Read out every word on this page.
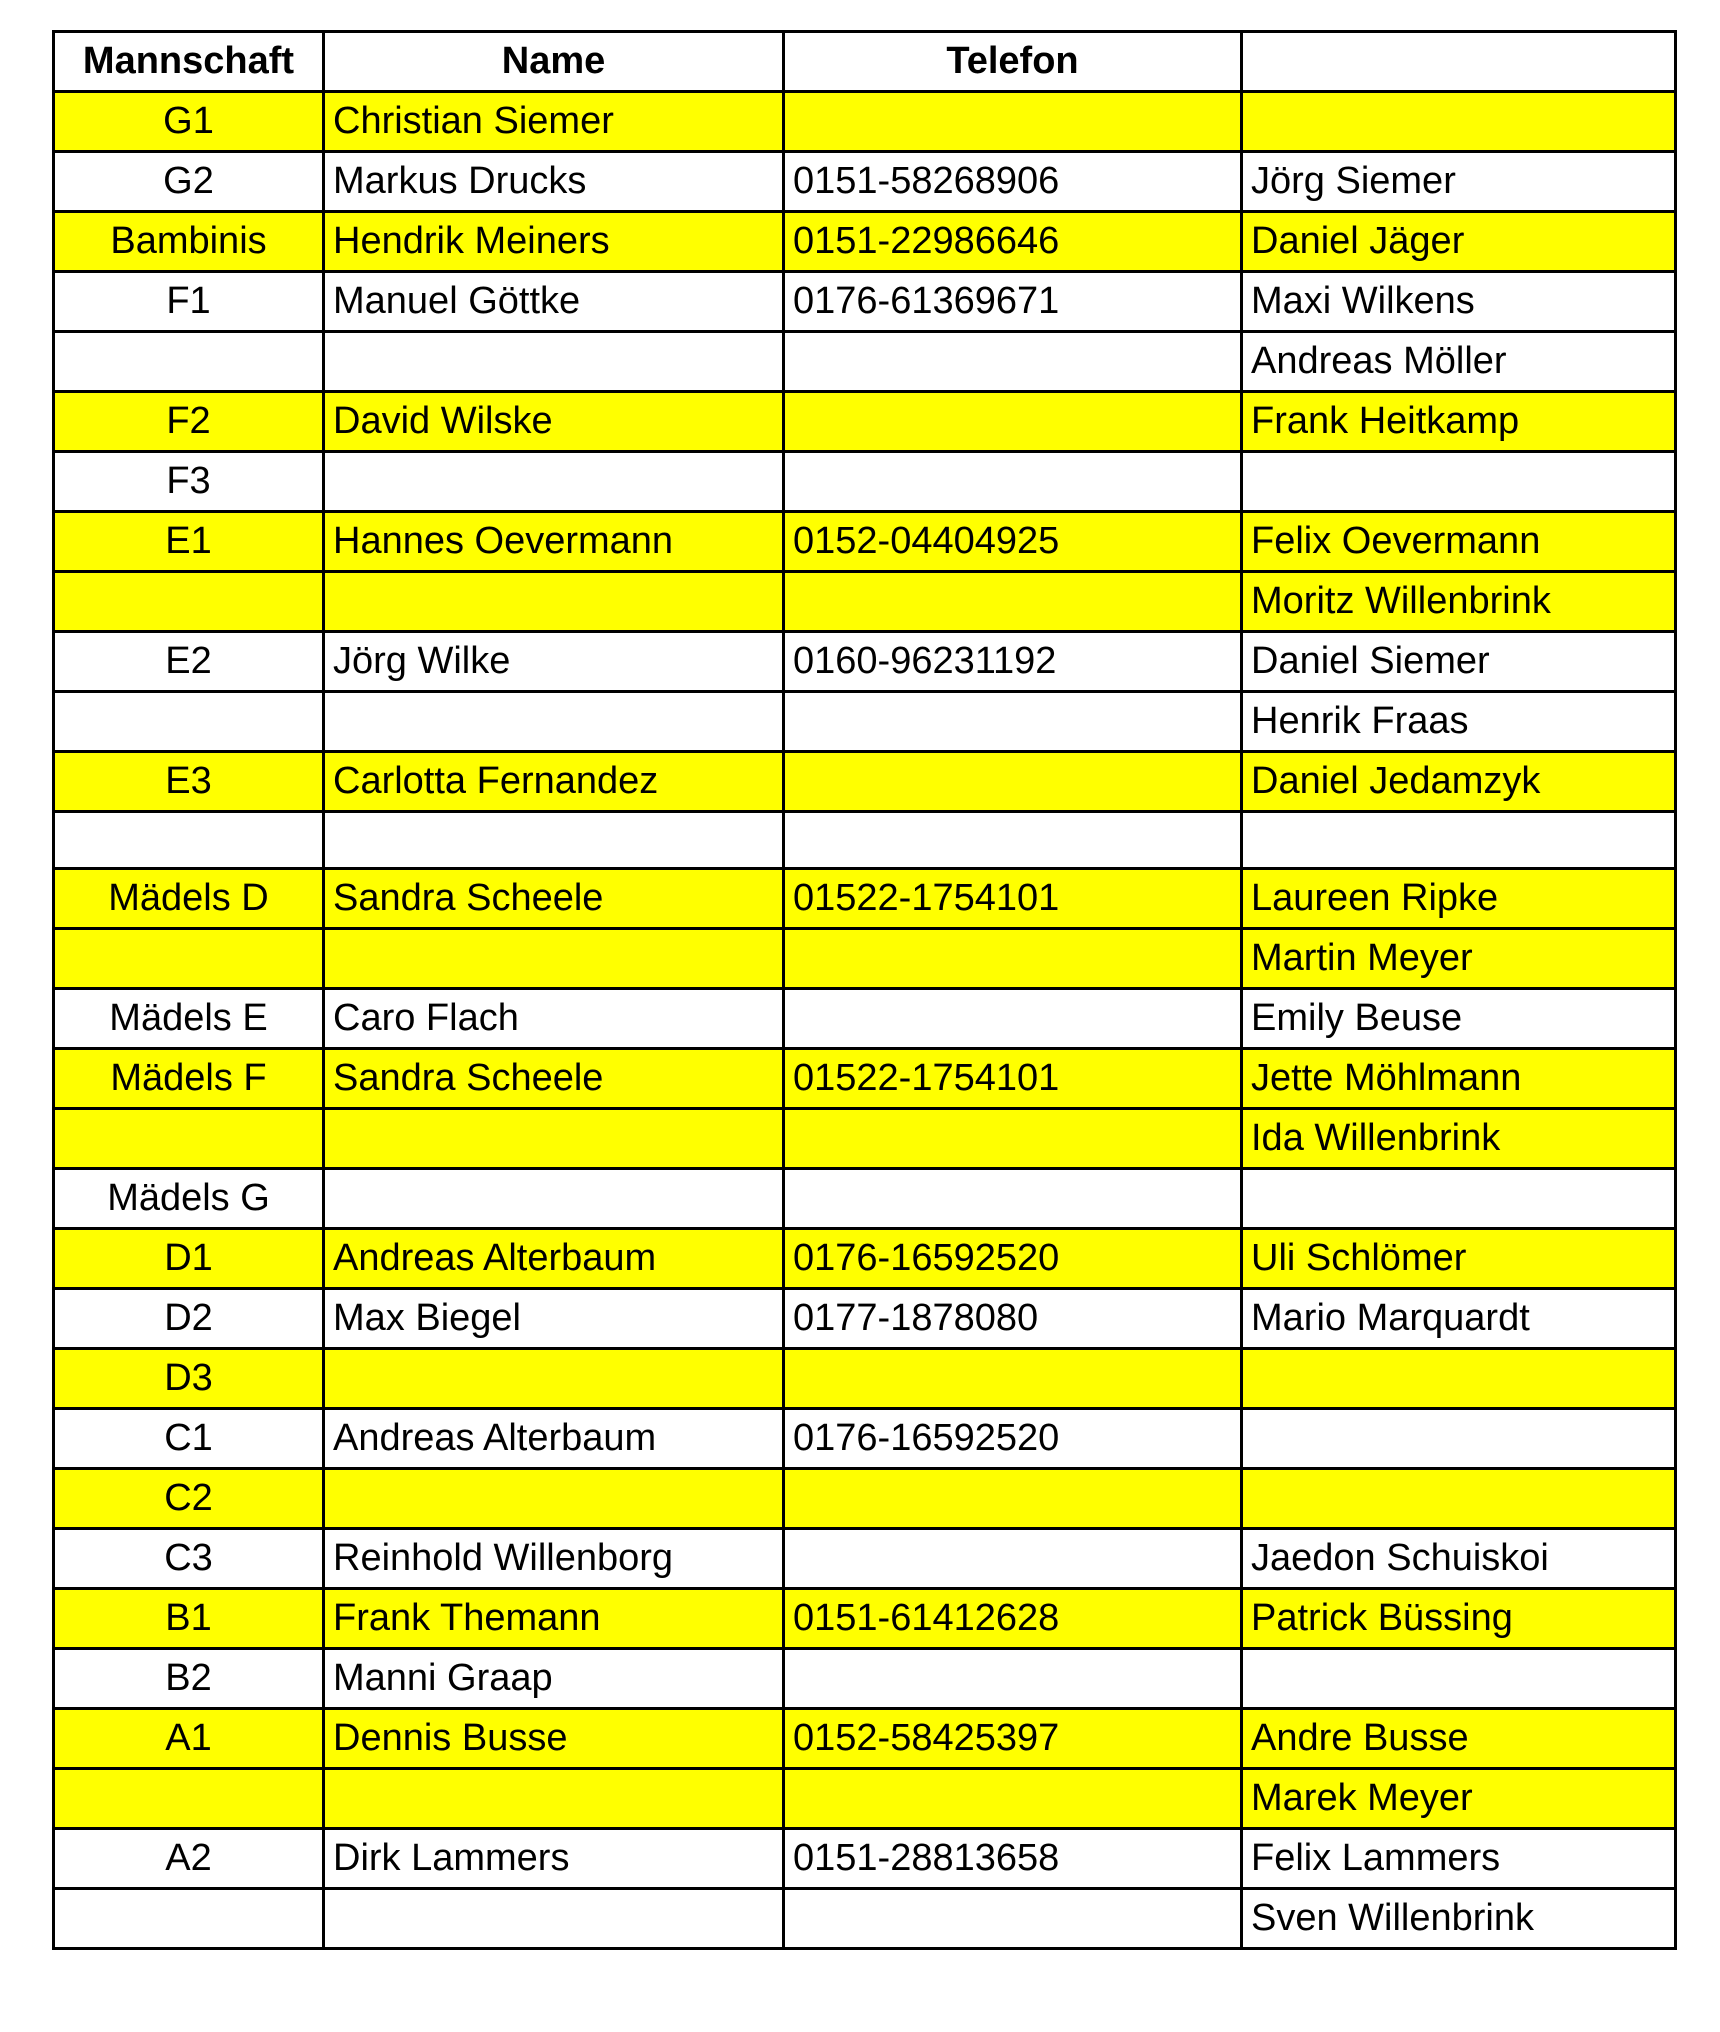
Mannschaft	Name	Telefon	
G1	Christian Siemer		
G2	Markus Drucks	0151-58268906	Jörg Siemer
Bambinis	Hendrik Meiners	0151-22986646	Daniel Jäger
F1	Manuel Göttke	0176-61369671	Maxi Wilkens
			Andreas Möller
F2	David Wilske		Frank Heitkamp
F3			
E1	Hannes Oevermann	0152-04404925	Felix Oevermann
			Moritz Willenbrink
E2	Jörg Wilke	0160-96231192	Daniel Siemer
			Henrik Fraas
E3	Carlotta Fernandez		Daniel Jedamzyk

Mädels D	Sandra Scheele	01522-1754101	Laureen Ripke
			Martin Meyer
Mädels E	Caro Flach		Emily Beuse
Mädels F	Sandra Scheele	01522-1754101	Jette Möhlmann
			Ida Willenbrink
Mädels G			
D1	Andreas Alterbaum	0176-16592520	Uli Schlömer
D2	Max Biegel	0177-1878080	Mario Marquardt
D3			
C1	Andreas Alterbaum	0176-16592520	
C2			
C3	Reinhold Willenborg		Jaedon Schuiskoi
B1	Frank Themann	0151-61412628	Patrick Büssing
B2	Manni Graap		
A1	Dennis Busse	0152-58425397	Andre Busse
			Marek Meyer
A2	Dirk Lammers	0151-28813658	Felix Lammers
			Sven Willenbrink
